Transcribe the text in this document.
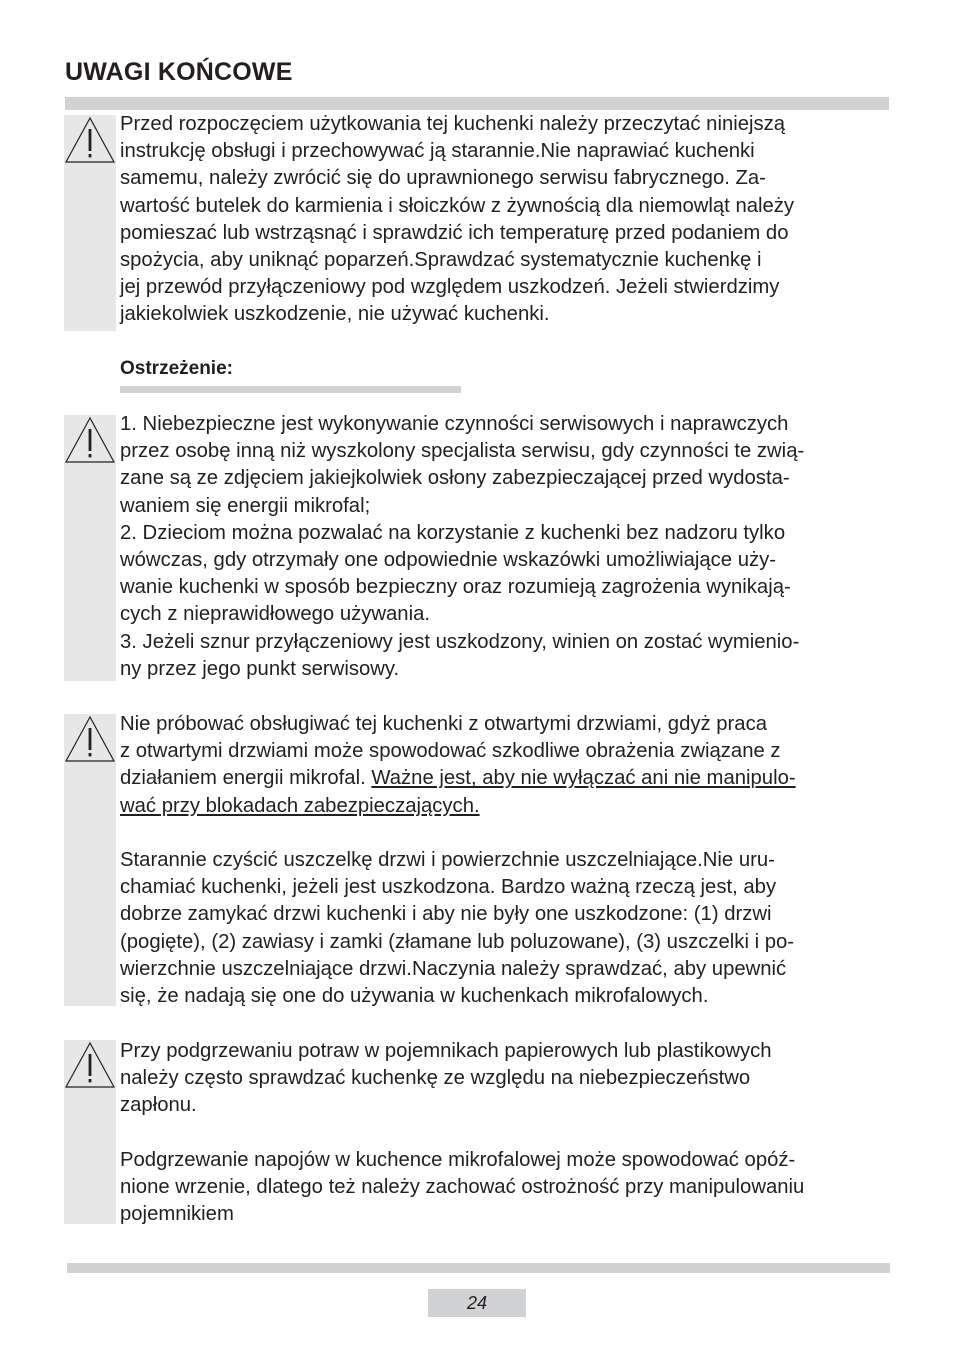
UWAGI KOŃCOWE

Przed rozpoczęciem użytkowania tej kuchenki należy przeczytać niniejszą

instrukcję obsługi i przechowywać ją starannie.Nie naprawiać kuchenki

samemu, należy zwrócić się do uprawnionego serwisu fabrycznego. Za-

wartość butelek do karmienia i słoiczków z żywnością dla niemowląt należy

pomieszać lub wstrząsnąć i sprawdzić ich temperaturę przed podaniem do

spożycia, aby uniknąć poparzeń.Sprawdzać systematycznie kuchenkę i

jej przewód przyłączeniowy pod względem uszkodzeń. Jeżeli stwierdzimy

jakiekolwiek uszkodzenie, nie używać kuchenki.

Ostrzeżenie:

1. Niebezpieczne jest wykonywanie czynności serwisowych i naprawczych

przez osobę inną niż wyszkolony specjalista serwisu, gdy czynności te zwią-

zane są ze zdjęciem jakiejkolwiek osłony zabezpieczającej przed wydosta-

waniem się energii mikrofal;

2. Dzieciom można pozwalać na korzystanie z kuchenki bez nadzoru tylko

wówczas, gdy otrzymały one odpowiednie wskazówki umożliwiające uży-

wanie kuchenki w sposób bezpieczny oraz rozumieją zagrożenia wynikają-

cych z nieprawidłowego używania.

3. Jeżeli sznur przyłączeniowy jest uszkodzony, winien on zostać wymienio-

ny przez jego punkt serwisowy.

Nie próbować obsługiwać tej kuchenki z otwartymi drzwiami, gdyż praca

z otwartymi drzwiami może spowodować szkodliwe obrażenia związane z

działaniem energii mikrofal. Ważne jest, aby nie wyłączać ani nie manipulo-

wać przy blokadach zabezpieczających.

Starannie czyścić uszczelkę drzwi i powierzchnie uszczelniające.Nie uru-

chamiać kuchenki, jeżeli jest uszkodzona. Bardzo ważną rzeczą jest, aby

dobrze zamykać drzwi kuchenki i aby nie były one uszkodzone: (1) drzwi

(pogięte), (2) zawiasy i zamki (złamane lub poluzowane), (3) uszczelki i po-

wierzchnie uszczelniające drzwi.Naczynia należy sprawdzać, aby upewnić

się, że nadają się one do używania w kuchenkach mikrofalowych.

Przy podgrzewaniu potraw w pojemnikach papierowych lub plastikowych

należy często sprawdzać kuchenkę ze względu na niebezpieczeństwo

zapłonu.

Podgrzewanie napojów w kuchence mikrofalowej może spowodować opóź-

nione wrzenie, dlatego też należy zachować ostrożność przy manipulowaniu

pojemnikiem

24
